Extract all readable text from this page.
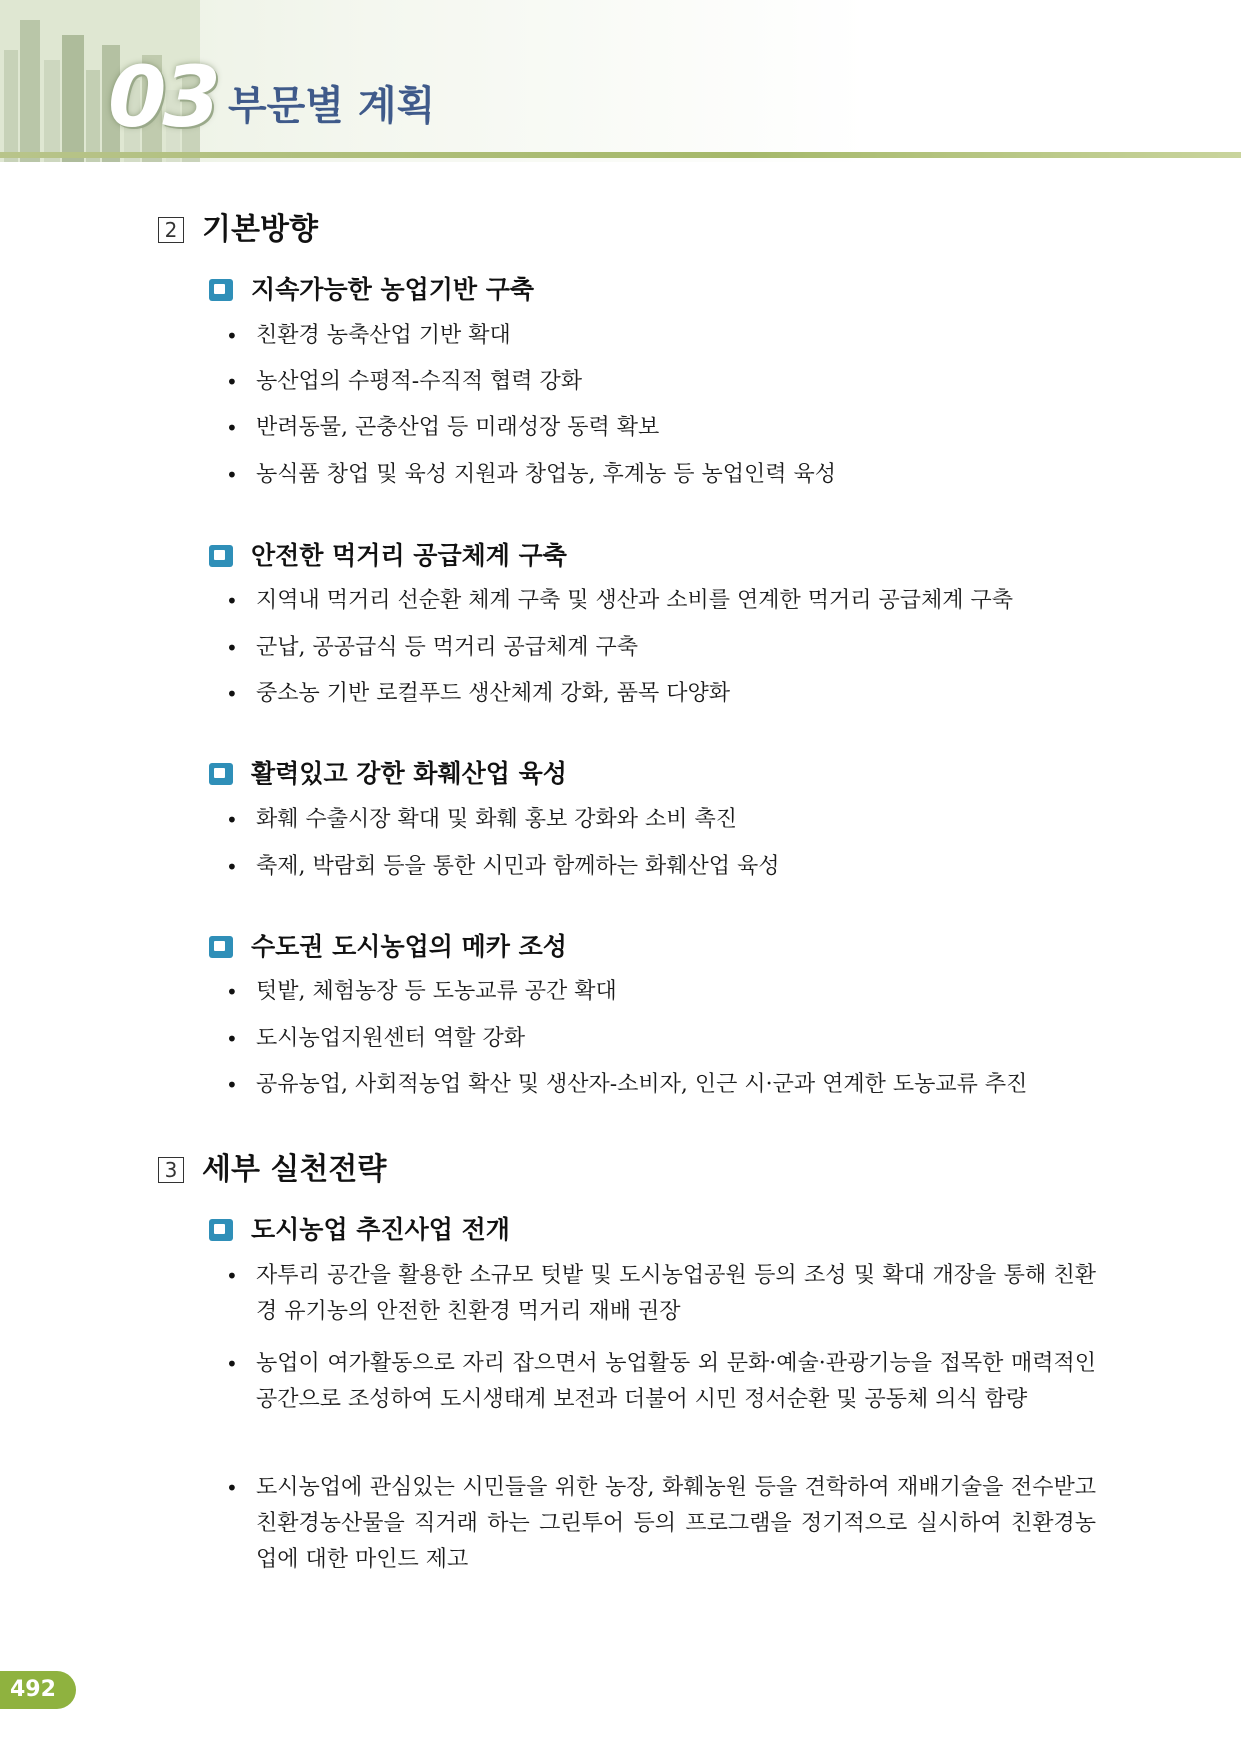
03 부문별 계획
2 기본방향
지속가능한 농업기반 구축
• 친환경 농축산업 기반 확대
• 농산업의 수평적-수직적 협력 강화
• 반려동물, 곤충산업 등 미래성장 동력 확보
• 농식품 창업 및 육성 지원과 창업농, 후계농 등 농업인력 육성
안전한 먹거리 공급체계 구축
• 지역내 먹거리 선순환 체계 구축 및 생산과 소비를 연계한 먹거리 공급체계 구축
• 군납, 공공급식 등 먹거리 공급체계 구축
• 중소농 기반 로컬푸드 생산체계 강화, 품목 다양화
활력있고 강한 화훼산업 육성
• 화훼 수출시장 확대 및 화훼 홍보 강화와 소비 촉진
• 축제, 박람회 등을 통한 시민과 함께하는 화훼산업 육성
수도권 도시농업의 메카 조성
• 텃밭, 체험농장 등 도농교류 공간 확대
• 도시농업지원센터 역할 강화
• 공유농업, 사회적농업 확산 및 생산자-소비자, 인근 시·군과 연계한 도농교류 추진
3 세부 실천전략
도시농업 추진사업 전개
• 자투리 공간을 활용한 소규모 텃밭 및 도시농업공원 등의 조성 및 확대 개장을 통해 친환경 유기농의 안전한 친환경 먹거리 재배 권장
• 농업이 여가활동으로 자리 잡으면서 농업활동 외 문화·예술·관광기능을 접목한 매력적인 공간으로 조성하여 도시생태계 보전과 더불어 시민 정서순환 및 공동체 의식 함량
• 도시농업에 관심있는 시민들을 위한 농장, 화훼농원 등을 견학하여 재배기술을 전수받고 친환경농산물을 직거래 하는 그린투어 등의 프로그램을 정기적으로 실시하여 친환경농업에 대한 마인드 제고
492
